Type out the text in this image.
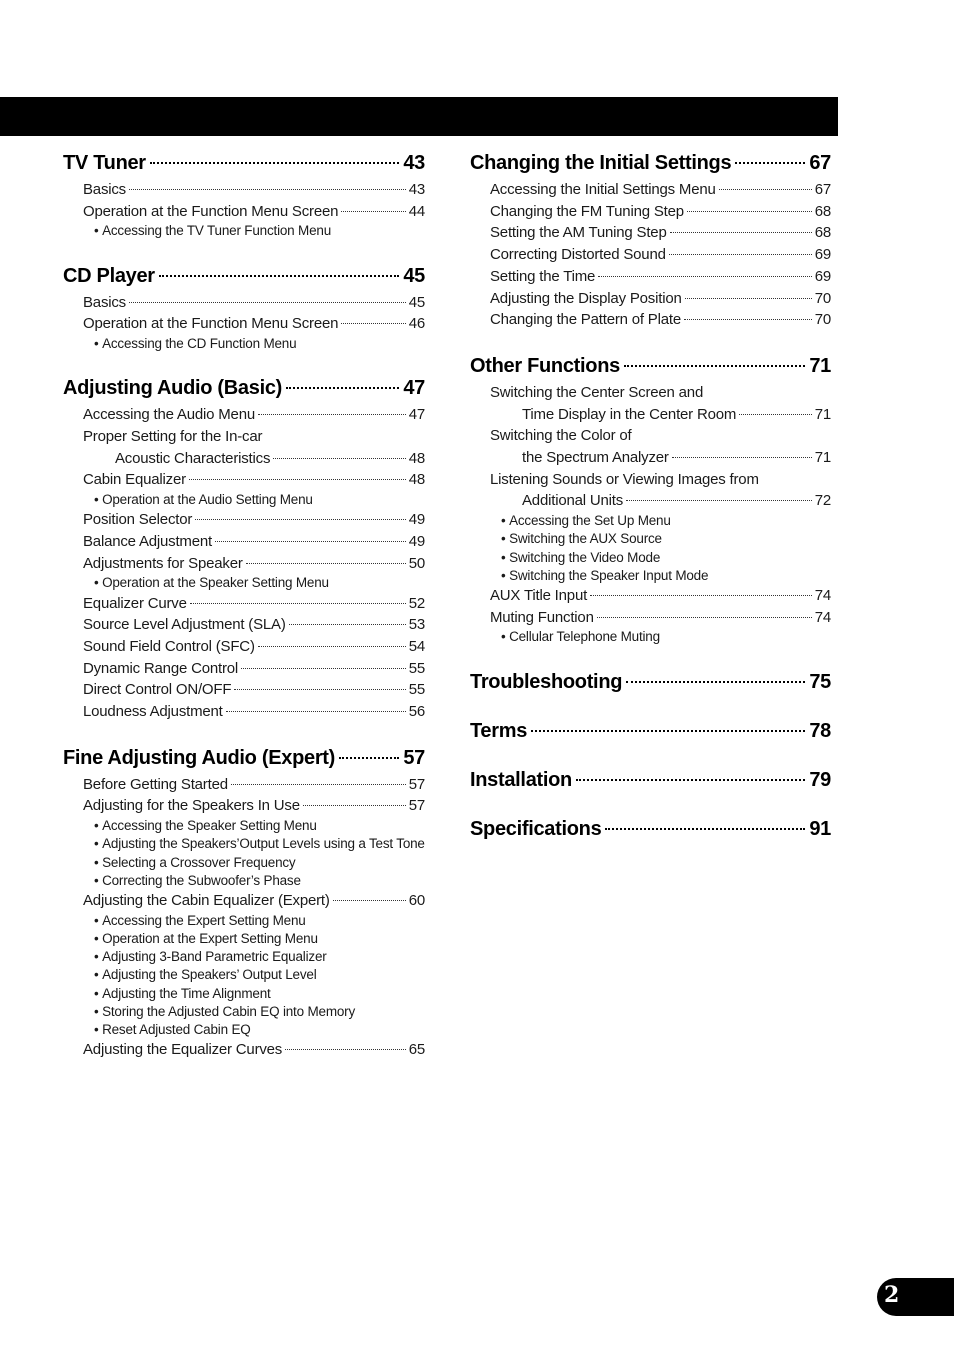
TV Tuner	43
Basics	43
Operation at the Function Menu Screen	44
• Accessing the TV Tuner Function Menu
CD Player	45
Basics	45
Operation at the Function Menu Screen	46
• Accessing the CD Function Menu
Adjusting Audio (Basic)	47
Accessing the Audio Menu	47
Proper Setting for the In-car
Acoustic Characteristics	48
Cabin Equalizer	48
• Operation at the Audio Setting Menu
Position Selector	49
Balance Adjustment	49
Adjustments for Speaker	50
• Operation at the Speaker Setting Menu
Equalizer Curve	52
Source Level Adjustment (SLA)	53
Sound Field Control (SFC)	54
Dynamic Range Control	55
Direct Control ON/OFF	55
Loudness Adjustment	56
Fine Adjusting Audio (Expert)	57
Before Getting Started	57
Adjusting for the Speakers In Use	57
• Accessing the Speaker Setting Menu
• Adjusting the Speakers’Output Levels using a Test Tone
• Selecting a Crossover Frequency
• Correcting the Subwoofer’s Phase
Adjusting the Cabin Equalizer (Expert)	60
• Accessing the Expert Setting Menu
• Operation at the Expert Setting Menu
• Adjusting 3-Band Parametric Equalizer
• Adjusting the Speakers’ Output Level
• Adjusting the Time Alignment
• Storing the Adjusted Cabin EQ into Memory
• Reset Adjusted Cabin EQ
Adjusting the Equalizer Curves	65
Changing the Initial Settings	67
Accessing the Initial Settings Menu	67
Changing the FM Tuning Step	68
Setting the AM Tuning Step	68
Correcting Distorted Sound	69
Setting the Time	69
Adjusting the Display Position	70
Changing the Pattern of Plate	70
Other Functions	71
Switching the Center Screen and
Time Display in the Center Room	71
Switching the Color of
the Spectrum Analyzer	71
Listening Sounds or Viewing Images from
Additional Units	72
• Accessing the Set Up Menu
• Switching the AUX Source
• Switching the Video Mode
• Switching the Speaker Input Mode
AUX Title Input	74
Muting Function	74
• Cellular Telephone Muting
Troubleshooting	75
Terms	78
Installation	79
Specifications	91
2
